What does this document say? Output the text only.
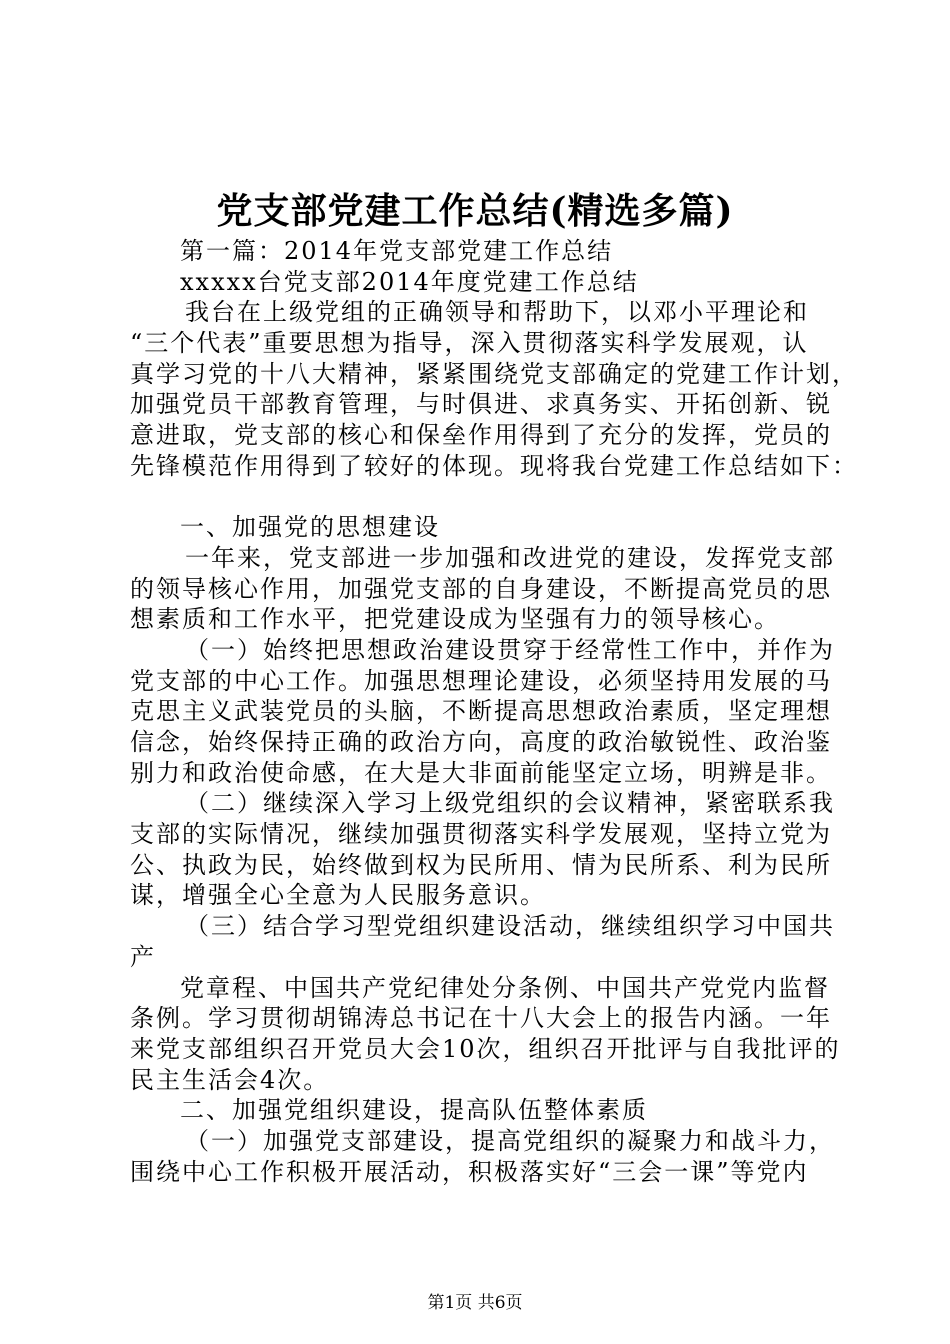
党支部党建工作总结(精选多篇)
第一篇：2014年党支部党建工作总结
xxxxx台党支部2014年度党建工作总结
我台在上级党组的正确领导和帮助下，以邓小平理论和
“三个代表”重要思想为指导，深入贯彻落实科学发展观，认
真学习党的十八大精神，紧紧围绕党支部确定的党建工作计划，
加强党员干部教育管理，与时俱进、求真务实、开拓创新、锐
意进取，党支部的核心和保垒作用得到了充分的发挥，党员的
先锋模范作用得到了较好的体现。现将我台党建工作总结如下：
一、加强党的思想建设
一年来，党支部进一步加强和改进党的建设，发挥党支部
的领导核心作用，加强党支部的自身建设，不断提高党员的思
想素质和工作水平，把党建设成为坚强有力的领导核心。
（一）始终把思想政治建设贯穿于经常性工作中，并作为
党支部的中心工作。加强思想理论建设，必须坚持用发展的马
克思主义武装党员的头脑，不断提高思想政治素质，坚定理想
信念，始终保持正确的政治方向，高度的政治敏锐性、政治鉴
别力和政治使命感，在大是大非面前能坚定立场，明辨是非。
（二）继续深入学习上级党组织的会议精神，紧密联系我
支部的实际情况，继续加强贯彻落实科学发展观，坚持立党为
公、执政为民，始终做到权为民所用、情为民所系、利为民所
谋，增强全心全意为人民服务意识。
（三）结合学习型党组织建设活动，继续组织学习中国共
产
党章程、中国共产党纪律处分条例、中国共产党党内监督
条例。学习贯彻胡锦涛总书记在十八大会上的报告内涵。一年
来党支部组织召开党员大会10次，组织召开批评与自我批评的
民主生活会4次。
二、加强党组织建设，提高队伍整体素质
（一）加强党支部建设，提高党组织的凝聚力和战斗力，
围绕中心工作积极开展活动，积极落实好“三会一课”等党内
第1页 共6页
